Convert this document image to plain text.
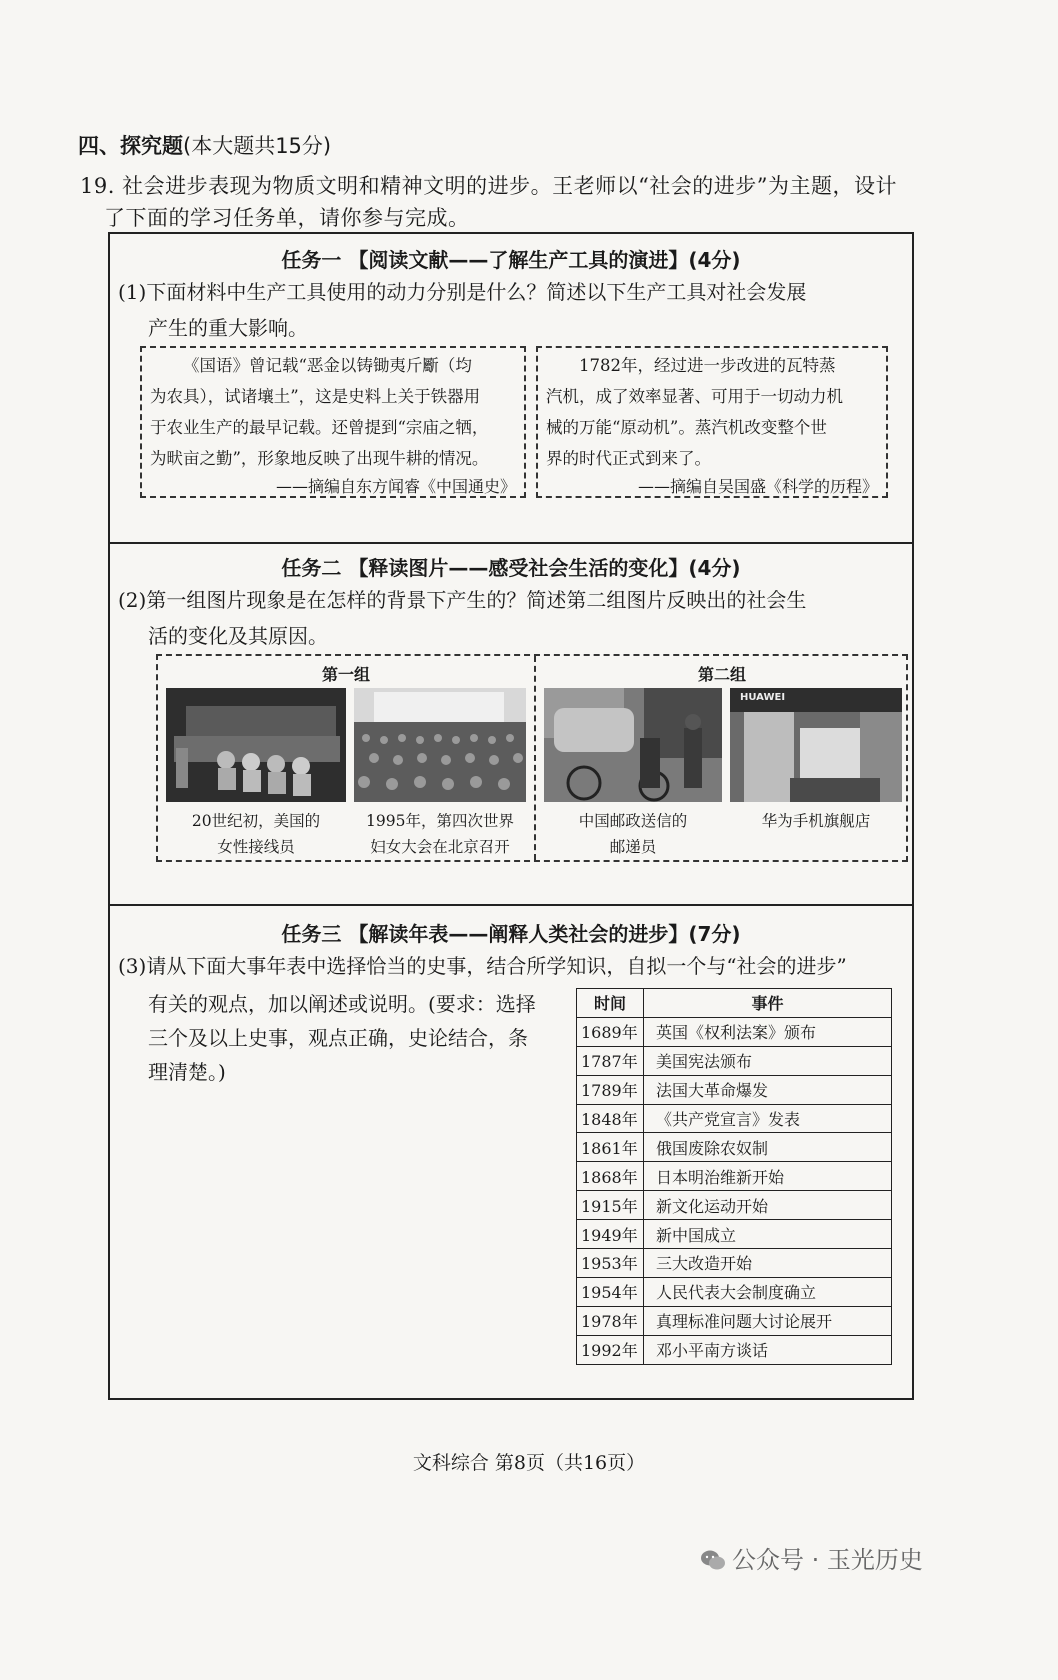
四、探究题(本大题共15分)
19. 社会进步表现为物质文明和精神文明的进步。王老师以“社会的进步”为主题，设计
了下面的学习任务单，请你参与完成。
任务一 【阅读文献——了解生产工具的演进】(4分)
(1)下面材料中生产工具使用的动力分别是什么？简述以下生产工具对社会发展
产生的重大影响。
《国语》曾记载“恶金以铸锄夷斤斸（均
为农具），试诸壤土”，这是史料上关于铁器用
于农业生产的最早记载。还曾提到“宗庙之牺，
为畎亩之勤”，形象地反映了出现牛耕的情况。
——摘编自东方闻睿《中国通史》
1782年，经过进一步改进的瓦特蒸
汽机，成了效率显著、可用于一切动力机
械的万能“原动机”。蒸汽机改变整个世
界的时代正式到来了。
——摘编自吴国盛《科学的历程》
任务二 【释读图片——感受社会生活的变化】(4分)
(2)第一组图片现象是在怎样的背景下产生的？简述第二组图片反映出的社会生
活的变化及其原因。
第一组	第二组
HUAWEI
20世纪初，美国的
女性接线员
1995年，第四次世界
妇女大会在北京召开
中国邮政送信的
邮递员
华为手机旗舰店
任务三 【解读年表——阐释人类社会的进步】(7分)
(3)请从下面大事年表中选择恰当的史事，结合所学知识，自拟一个与“社会的进步”
有关的观点，加以阐述或说明。(要求：选择
三个及以上史事，观点正确，史论结合，条
理清楚。)
时间	事件
1689年	英国《权利法案》颁布
1787年	美国宪法颁布
1789年	法国大革命爆发
1848年	《共产党宣言》发表
1861年	俄国废除农奴制
1868年	日本明治维新开始
1915年	新文化运动开始
1949年	新中国成立
1953年	三大改造开始
1954年	人民代表大会制度确立
1978年	真理标准问题大讨论展开
1992年	邓小平南方谈话
文科综合 第8页（共16页）
公众号 · 玉光历史
